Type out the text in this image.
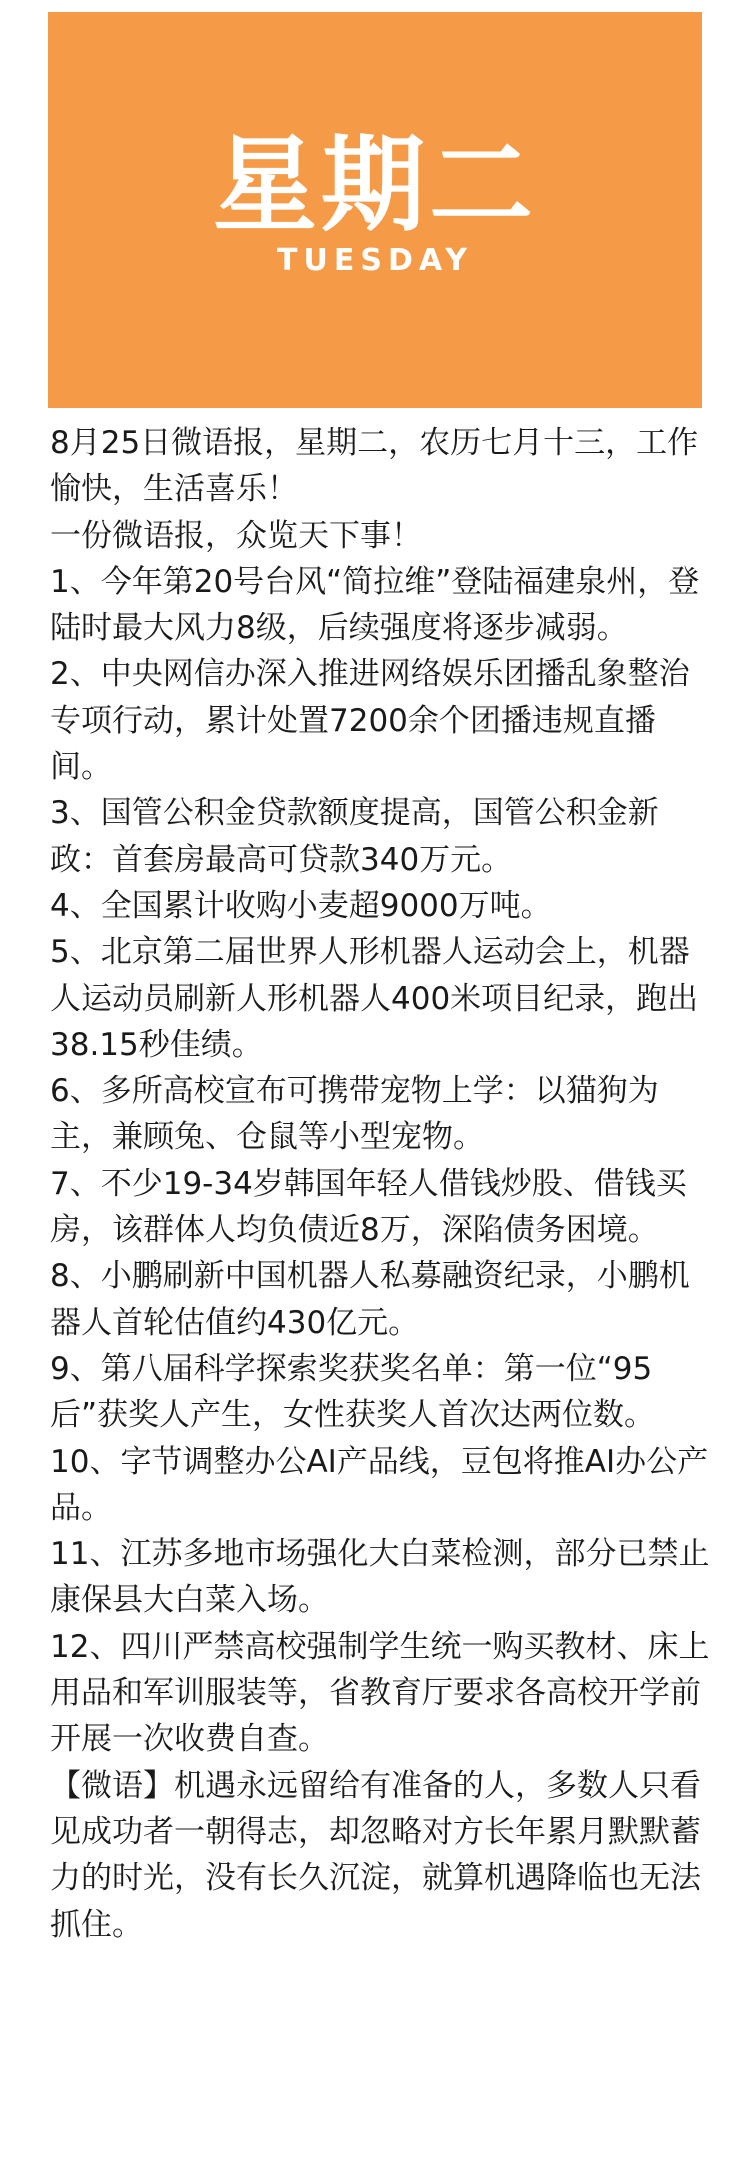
星期二
TUESDAY

8月25日微语报，星期二，农历七月十三，工作愉快，生活喜乐！

一份微语报，众览天下事！

1、今年第20号台风“简拉维”登陆福建泉州，登陆时最大风力8级，后续强度将逐步减弱。

2、中央网信办深入推进网络娱乐团播乱象整治专项行动，累计处置7200余个团播违规直播间。

3、国管公积金贷款额度提高，国管公积金新政：首套房最高可贷款340万元。

4、全国累计收购小麦超9000万吨。

5、北京第二届世界人形机器人运动会上，机器人运动员刷新人形机器人400米项目纪录，跑出38.15秒佳绩。

6、多所高校宣布可携带宠物上学：以猫狗为主，兼顾兔、仓鼠等小型宠物。

7、不少19-34岁韩国年轻人借钱炒股、借钱买房，该群体人均负债近8万，深陷债务困境。

8、小鹏刷新中国机器人私募融资纪录，小鹏机器人首轮估值约430亿元。

9、第八届科学探索奖获奖名单：第一位“95后”获奖人产生，女性获奖人首次达两位数。

10、字节调整办公AI产品线，豆包将推AI办公产品。

11、江苏多地市场强化大白菜检测，部分已禁止康保县大白菜入场。

12、四川严禁高校强制学生统一购买教材、床上用品和军训服装等，省教育厅要求各高校开学前开展一次收费自查。

【微语】机遇永远留给有准备的人，多数人只看见成功者一朝得志，却忽略对方长年累月默默蓄力的时光，没有长久沉淀，就算机遇降临也无法抓住。
